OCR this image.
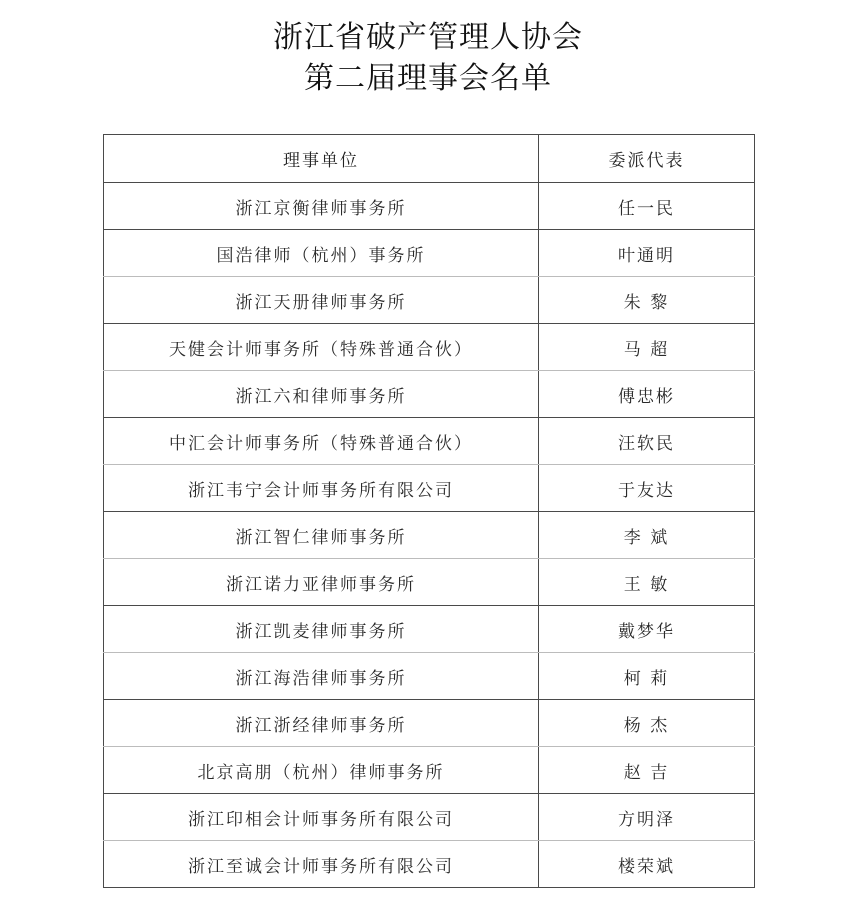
浙江省破产管理人协会
第二届理事会名单
理事单位	委派代表
浙江京衡律师事务所	任一民
国浩律师（杭州）事务所	叶通明
浙江天册律师事务所	朱 黎
天健会计师事务所（特殊普通合伙）	马 超
浙江六和律师事务所	傅忠彬
中汇会计师事务所（特殊普通合伙）	汪软民
浙江韦宁会计师事务所有限公司	于友达
浙江智仁律师事务所	李 斌
浙江诺力亚律师事务所	王 敏
浙江凯麦律师事务所	戴梦华
浙江海浩律师事务所	柯 莉
浙江浙经律师事务所	杨 杰
北京高朋（杭州）律师事务所	赵 吉
浙江印相会计师事务所有限公司	方明泽
浙江至诚会计师事务所有限公司	楼荣斌
